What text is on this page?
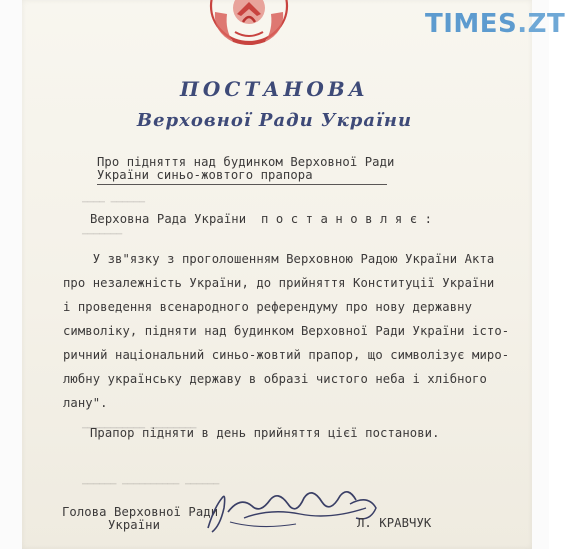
▁▁▁▁ ▁▁▁▁▁▁
▁▁▁▁▁▁▁
▁▁▁▁▁▁▁▁▁▁▁ ▁▁▁▁▁▁▁▁
▁▁▁▁▁▁ ▁▁▁▁▁▁▁▁▁▁ ▁▁▁▁▁▁
TIMES.ZT
ПОСТАНОВА
Верховної Ради України
Про підняття над будинком Верховної Ради
України синьо-жовтого прапора
Верховна Рада України  п о с т а н о в л я є :
У зв"язку з проголошенням Верховною Радою України Акта
про незалежність України, до прийняття Конституції України
і проведення всенародного референдуму про нову державну
символіку, підняти над будинком Верховної Ради України істо-
ричний національний синьо-жовтий прапор, що символізує миро-
любну українську державу в образі чистого неба і хлібного
лану".
Прапор підняти в день прийняття цієї постанови.
Голова Верховної Ради
України	Л. КРАВЧУК
